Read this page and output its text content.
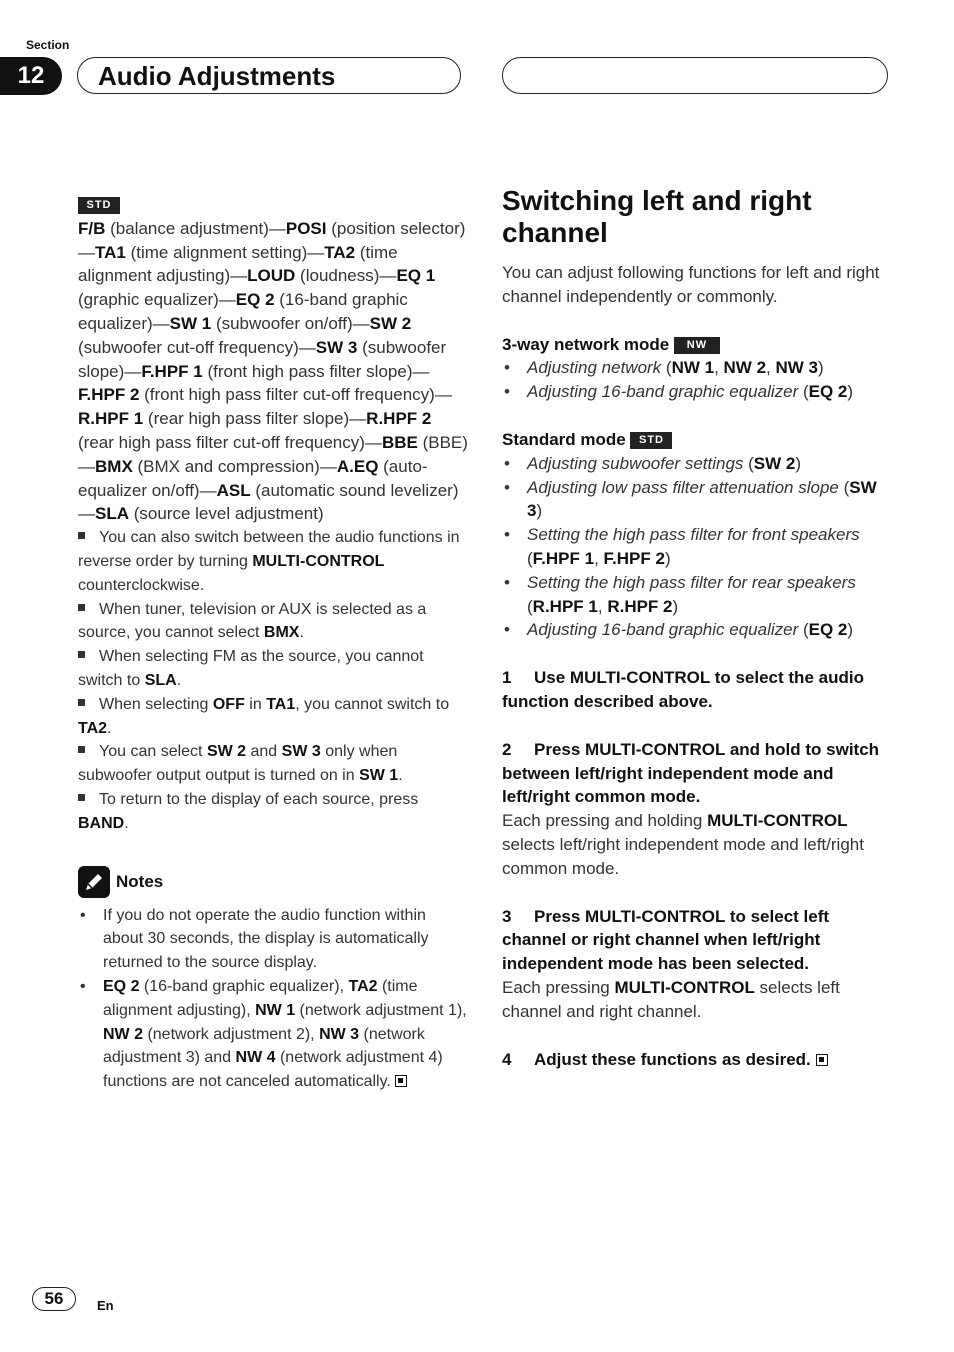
Section
12	Audio Adjustments
STD
F/B (balance adjustment)—POSI (position selector)—TA1 (time alignment setting)—TA2 (time alignment adjusting)—LOUD (loudness)—EQ 1 (graphic equalizer)—EQ 2 (16-band graphic equalizer)—SW 1 (subwoofer on/off)—SW 2 (subwoofer cut-off frequency)—SW 3 (subwoofer slope)—F.HPF 1 (front high pass filter slope)—F.HPF 2 (front high pass filter cut-off frequency)—R.HPF 1 (rear high pass filter slope)—R.HPF 2 (rear high pass filter cut-off frequency)—BBE (BBE)—BMX (BMX and compression)—A.EQ (auto-equalizer on/off)—ASL (automatic sound levelizer)—SLA (source level adjustment)
You can also switch between the audio functions in reverse order by turning MULTI-CONTROL counterclockwise.
When tuner, television or AUX is selected as a source, you cannot select BMX.
When selecting FM as the source, you cannot switch to SLA.
When selecting OFF in TA1, you cannot switch to TA2.
You can select SW 2 and SW 3 only when subwoofer output output is turned on in SW 1.
To return to the display of each source, press BAND.
Notes
• If you do not operate the audio function within about 30 seconds, the display is automatically returned to the source display.
• EQ 2 (16-band graphic equalizer), TA2 (time alignment adjusting), NW 1 (network adjustment 1), NW 2 (network adjustment 2), NW 3 (network adjustment 3) and NW 4 (network adjustment 4) functions are not canceled automatically.
Switching left and right channel
You can adjust following functions for left and right channel independently or commonly.
3-way network mode NW
• Adjusting network (NW 1, NW 2, NW 3)
• Adjusting 16-band graphic equalizer (EQ 2)
Standard mode STD
• Adjusting subwoofer settings (SW 2)
• Adjusting low pass filter attenuation slope (SW 3)
• Setting the high pass filter for front speakers (F.HPF 1, F.HPF 2)
• Setting the high pass filter for rear speakers (R.HPF 1, R.HPF 2)
• Adjusting 16-band graphic equalizer (EQ 2)
1 Use MULTI-CONTROL to select the audio function described above.
2 Press MULTI-CONTROL and hold to switch between left/right independent mode and left/right common mode.
Each pressing and holding MULTI-CONTROL selects left/right independent mode and left/right common mode.
3 Press MULTI-CONTROL to select left channel or right channel when left/right independent mode has been selected.
Each pressing MULTI-CONTROL selects left channel and right channel.
4 Adjust these functions as desired.
56	En
